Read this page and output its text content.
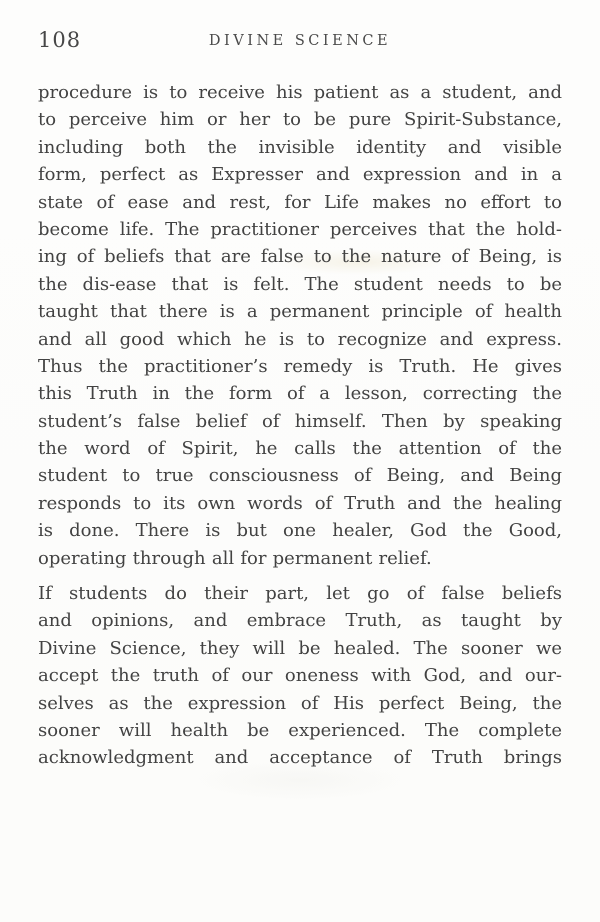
108	DIVINE SCIENCE
procedure is to receive his patient as a student, and
to perceive him or her to be pure Spirit-Substance,
including both the invisible identity and visible
form, perfect as Expresser and expression and in a
state of ease and rest, for Life makes no effort to
become life. The practitioner perceives that the hold-
ing of beliefs that are false to the nature of Being, is
the dis-ease that is felt. The student needs to be
taught that there is a permanent principle of health
and all good which he is to recognize and express.
Thus the practitioner’s remedy is Truth. He gives
this Truth in the form of a lesson, correcting the
student’s false belief of himself. Then by speaking
the word of Spirit, he calls the attention of the
student to true consciousness of Being, and Being
responds to its own words of Truth and the healing
is done. There is but one healer, God the Good,
operating through all for permanent relief.
If students do their part, let go of false beliefs
and opinions, and embrace Truth, as taught by
Divine Science, they will be healed. The sooner we
accept the truth of our oneness with God, and our-
selves as the expression of His perfect Being, the
sooner will health be experienced. The complete
acknowledgment and acceptance of Truth brings
